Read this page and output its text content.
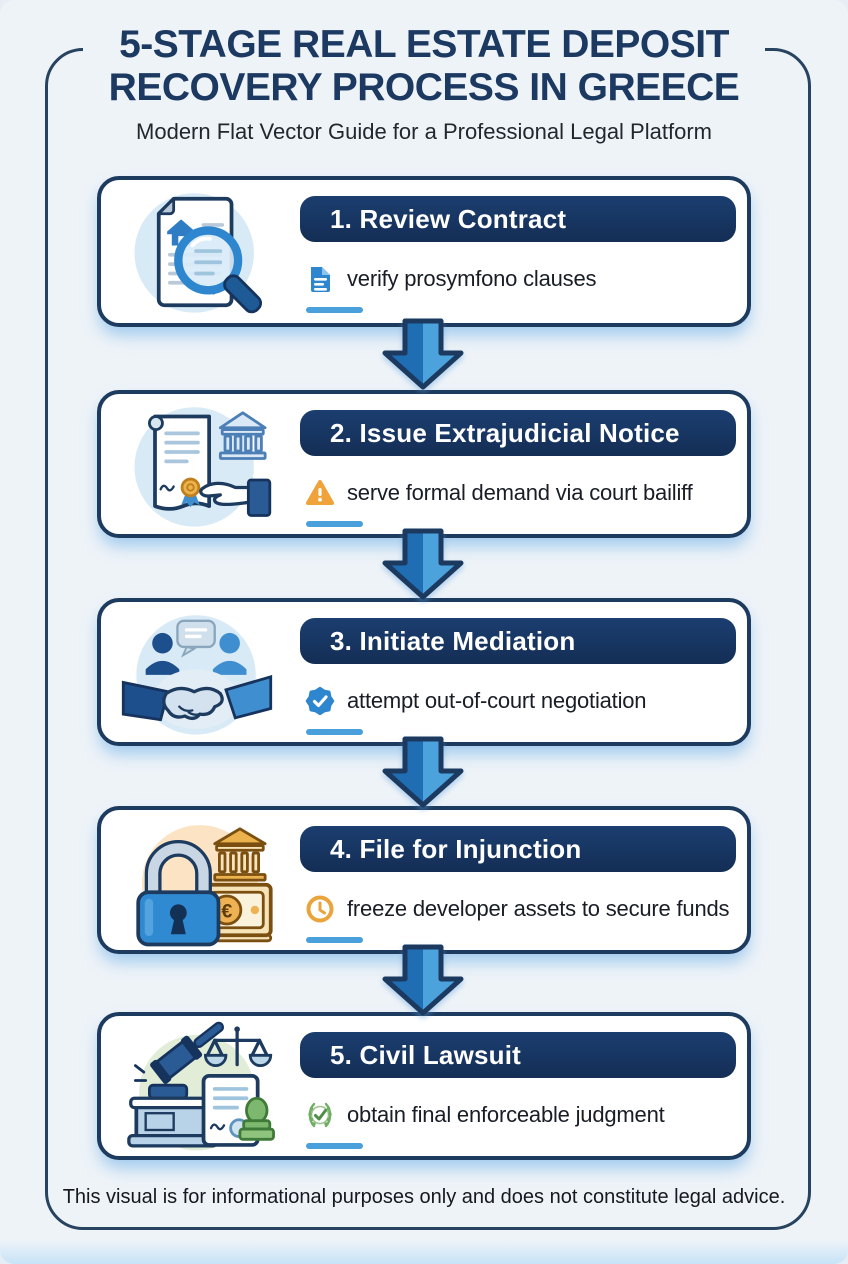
5-STAGE REAL ESTATE DEPOSIT
RECOVERY PROCESS IN GREECE
Modern Flat Vector Guide for a Professional Legal Platform
1. Review Contract
verify prosymfono clauses
2. Issue Extrajudicial Notice
serve formal demand via court bailiff
3. Initiate Mediation
attempt out-of-court negotiation
€
4. File for Injunction
freeze developer assets to secure funds
5. Civil Lawsuit
obtain final enforceable judgment
This visual is for informational purposes only and does not constitute legal advice.
